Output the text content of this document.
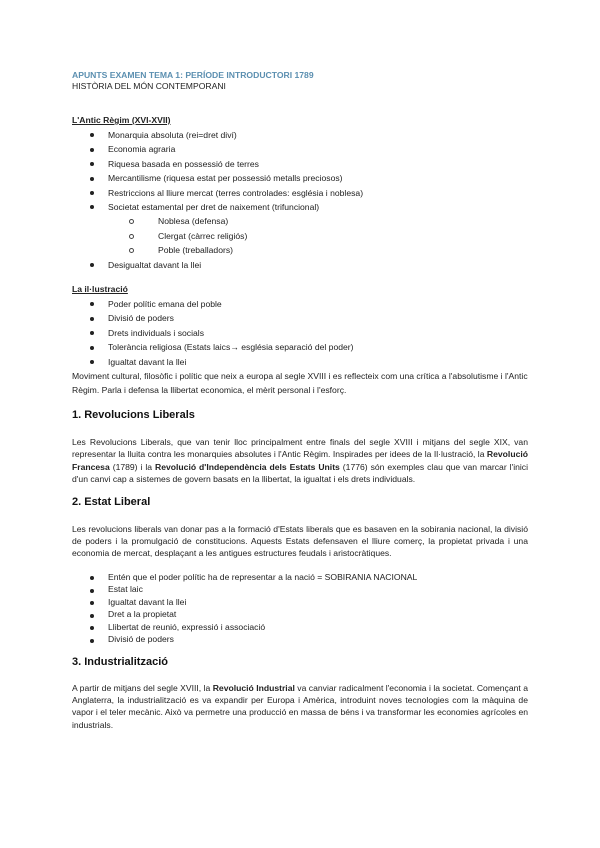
APUNTS EXAMEN TEMA 1: PERÍODE INTRODUCTORI 1789

HISTÒRIA DEL MÓN CONTEMPORANI

L'Antic Règim (XVI-XVII)

Monarquia absoluta (rei=dret diví)
Economia agraria
Riquesa basada en possessió de terres
Mercantilisme (riquesa estat per possessió metalls preciosos)
Restriccions al lliure mercat (terres controlades: església i noblesa)
Societat estamental per dret de naixement (trifuncional)
Noblesa (defensa)
Clergat (càrrec religiós)
Poble (treballadors)
Desigualtat davant la llei

La il·lustració

Poder polític emana del poble
Divisió de poders
Drets individuals i socials
Tolerància religiosa (Estats laics→ església separació del poder)
Igualtat davant la llei

Moviment cultural, filosòfic i polític que neix a europa al segle XVIII i es reflecteix com una crítica a l'absolutisme i l'Antic Règim. Parla i defensa la llibertat economica, el mèrit personal i l'esforç.

1. Revolucions Liberals

Les Revolucions Liberals, que van tenir lloc principalment entre finals del segle XVIII i mitjans del segle XIX, van representar la lluita contra les monarquies absolutes i l'Antic Règim. Inspirades per idees de la Il·lustració, la Revolució Francesa (1789) i la Revolució d'Independència dels Estats Units (1776) són exemples clau que van marcar l'inici d'un canvi cap a sistemes de govern basats en la llibertat, la igualtat i els drets individuals.

2. Estat Liberal

Les revolucions liberals van donar pas a la formació d'Estats liberals que es basaven en la sobirania nacional, la divisió de poders i la promulgació de constitucions. Aquests Estats defensaven el lliure comerç, la propietat privada i una economia de mercat, desplaçant a les antigues estructures feudals i aristocràtiques.

Entén que el poder polític ha de representar a la nació = SOBIRANIA NACIONAL
Estat laic
Igualtat davant la llei
Dret a la propietat
Llibertat de reunió, expressió i associació
Divisió de poders

3. Industrialització

A partir de mitjans del segle XVIII, la Revolució Industrial va canviar radicalment l'economia i la societat. Començant a Anglaterra, la industrialització es va expandir per Europa i Amèrica, introduint noves tecnologies com la màquina de vapor i el teler mecànic. Això va permetre una producció en massa de béns i va transformar les economies agrícoles en industrials.
